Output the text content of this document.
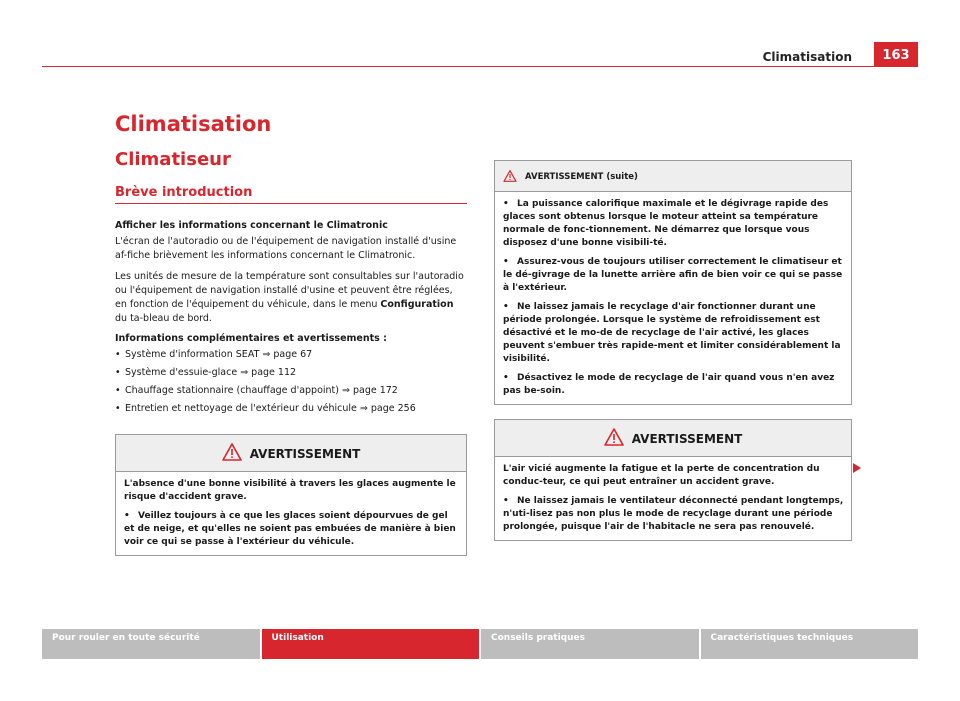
Climatisation	163
Climatisation
Climatiseur
Brève introduction
Afficher les informations concernant le Climatronic

L'écran de l'autoradio ou de l'équipement de navigation installé d'usine af-fiche brièvement les informations concernant le Climatronic.

Les unités de mesure de la température sont consultables sur l'autoradio ou l'équipement de navigation installé d'usine et peuvent être réglées, en fonction de l'équipement du véhicule, dans le menu Configuration du ta-bleau de bord.

Informations complémentaires et avertissements :
• Système d'information SEAT ⇒ page 67
• Système d'essuie-glace ⇒ page 112
• Chauffage stationnaire (chauffage d'appoint) ⇒ page 172
• Entretien et nettoyage de l'extérieur du véhicule ⇒ page 256
AVERTISSEMENT

L'absence d'une bonne visibilité à travers les glaces augmente le risque d'accident grave.

• Veillez toujours à ce que les glaces soient dépourvues de gel et de neige, et qu'elles ne soient pas embuées de manière à bien voir ce qui se passe à l'extérieur du véhicule.

AVERTISSEMENT (suite)

• La puissance calorifique maximale et le dégivrage rapide des glaces sont obtenus lorsque le moteur atteint sa température normale de fonc-tionnement. Ne démarrez que lorsque vous disposez d'une bonne visibili-té.

• Assurez-vous de toujours utiliser correctement le climatiseur et le dé-givrage de la lunette arrière afin de bien voir ce qui se passe à l'extérieur.

• Ne laissez jamais le recyclage d'air fonctionner durant une période prolongée. Lorsque le système de refroidissement est désactivé et le mo-de de recyclage de l'air activé, les glaces peuvent s'embuer très rapide-ment et limiter considérablement la visibilité.

• Désactivez le mode de recyclage de l'air quand vous n'en avez pas be-soin.

AVERTISSEMENT

L'air vicié augmente la fatigue et la perte de concentration du conduc-teur, ce qui peut entraîner un accident grave.

• Ne laissez jamais le ventilateur déconnecté pendant longtemps, n'uti-lisez pas non plus le mode de recyclage durant une période prolongée, puisque l'air de l'habitacle ne sera pas renouvelé.

Pour rouler en toute sécurité	Utilisation	Conseils pratiques	Caractéristiques techniques
